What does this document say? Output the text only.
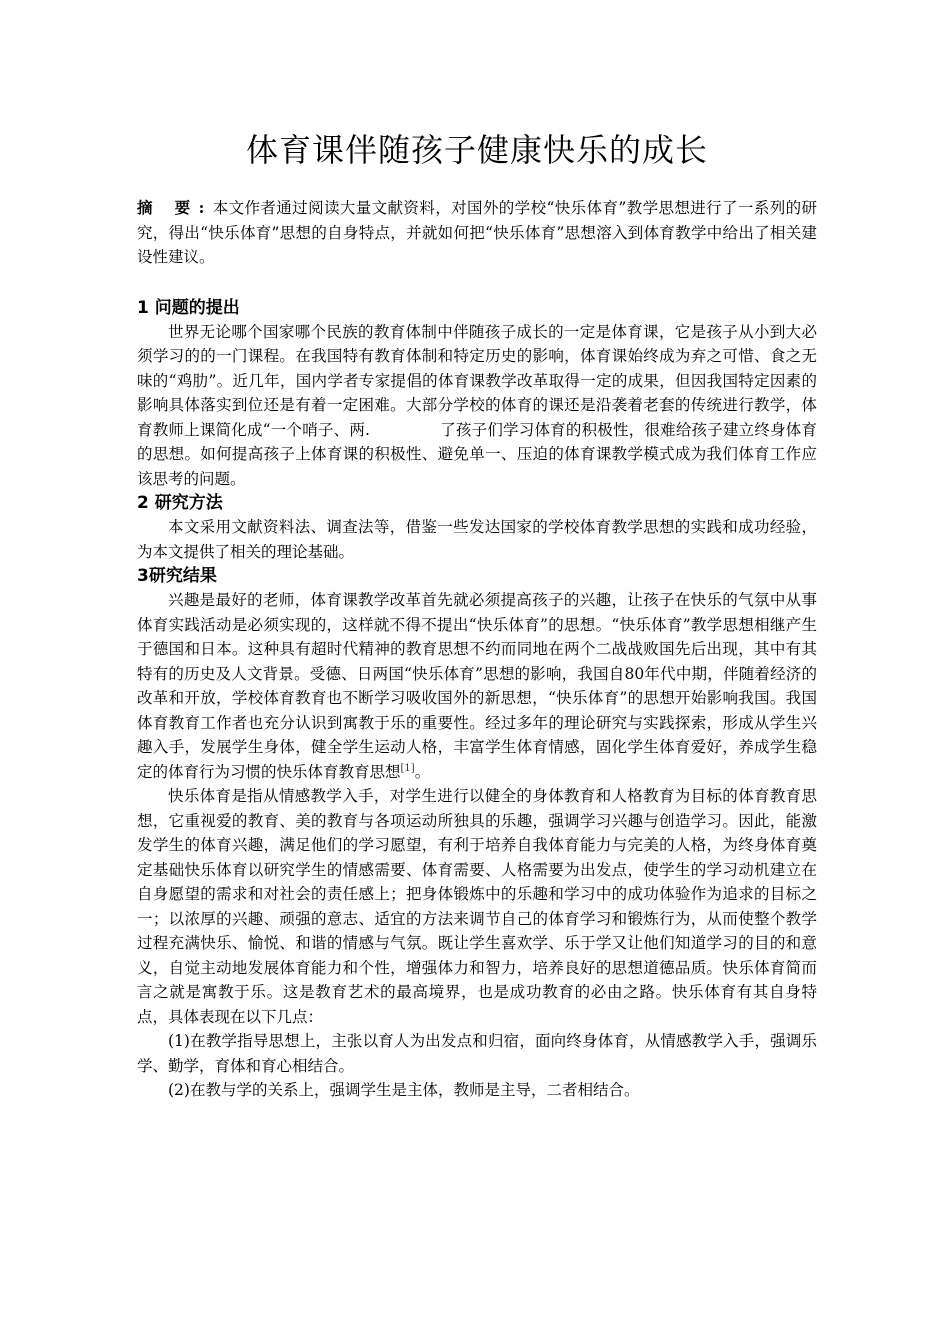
体育课伴随孩子健康快乐的成长

摘 要:本文作者通过阅读大量文献资料，对国外的学校“快乐体育”教学思想进行了一系列的研究，得出“快乐体育”思想的自身特点，并就如何把“快乐体育”思想溶入到体育教学中给出了相关建设性建议。

1 问题的提出

世界无论哪个国家哪个民族的教育体制中伴随孩子成长的一定是体育课，它是孩子从小到大必须学习的的一门课程。在我国特有教育体制和特定历史的影响，体育课始终成为弃之可惜、食之无味的“鸡肋”。近几年，国内学者专家提倡的体育课教学改革取得一定的成果，但因我国特定因素的影响具体落实到位还是有着一定困难。大部分学校的体育的课还是沿袭着老套的传统进行教学，体育教师上课简化成“一个哨子、两.	了孩子们学习体育的积极性，很难给孩子建立终身体育的思想。如何提高孩子上体育课的积极性、避免单一、压迫的体育课教学模式成为我们体育工作应该思考的问题。

2 研究方法

本文采用文献资料法、调查法等，借鉴一些发达国家的学校体育教学思想的实践和成功经验，为本文提供了相关的理论基础。

3研究结果

兴趣是最好的老师，体育课教学改革首先就必须提高孩子的兴趣，让孩子在快乐的气氛中从事体育实践活动是必须实现的，这样就不得不提出“快乐体育”的思想。“快乐体育”教学思想相继产生于德国和日本。这种具有超时代精神的教育思想不约而同地在两个二战战败国先后出现，其中有其特有的历史及人文背景。受德、日两国“快乐体育”思想的影响，我国自80年代中期，伴随着经济的改革和开放，学校体育教育也不断学习吸收国外的新思想，“快乐体育”的思想开始影响我国。我国体育教育工作者也充分认识到寓教于乐的重要性。经过多年的理论研究与实践探索，形成从学生兴趣入手，发展学生身体，健全学生运动人格，丰富学生体育情感，固化学生体育爱好，养成学生稳定的体育行为习惯的快乐体育教育思想[1]。

快乐体育是指从情感教学入手，对学生进行以健全的身体教育和人格教育为目标的体育教育思想，它重视爱的教育、美的教育与各项运动所独具的乐趣，强调学习兴趣与创造学习。因此，能激发学生的体育兴趣，满足他们的学习愿望，有利于培养自我体育能力与完美的人格，为终身体育奠定基础快乐体育以研究学生的情感需要、体育需要、人格需要为出发点，使学生的学习动机建立在自身愿望的需求和对社会的责任感上；把身体锻炼中的乐趣和学习中的成功体验作为追求的目标之一；以浓厚的兴趣、顽强的意志、适宜的方法来调节自己的体育学习和锻炼行为，从而使整个教学过程充满快乐、愉悦、和谐的情感与气氛。既让学生喜欢学、乐于学又让他们知道学习的目的和意义，自觉主动地发展体育能力和个性，增强体力和智力，培养良好的思想道德品质。快乐体育简而言之就是寓教于乐。这是教育艺术的最高境界，也是成功教育的必由之路。快乐体育有其自身特点，具体表现在以下几点：

(1)在教学指导思想上，主张以育人为出发点和归宿，面向终身体育，从情感教学入手，强调乐学、勤学，育体和育心相结合。

(2)在教与学的关系上，强调学生是主体，教师是主导，二者相结合。
